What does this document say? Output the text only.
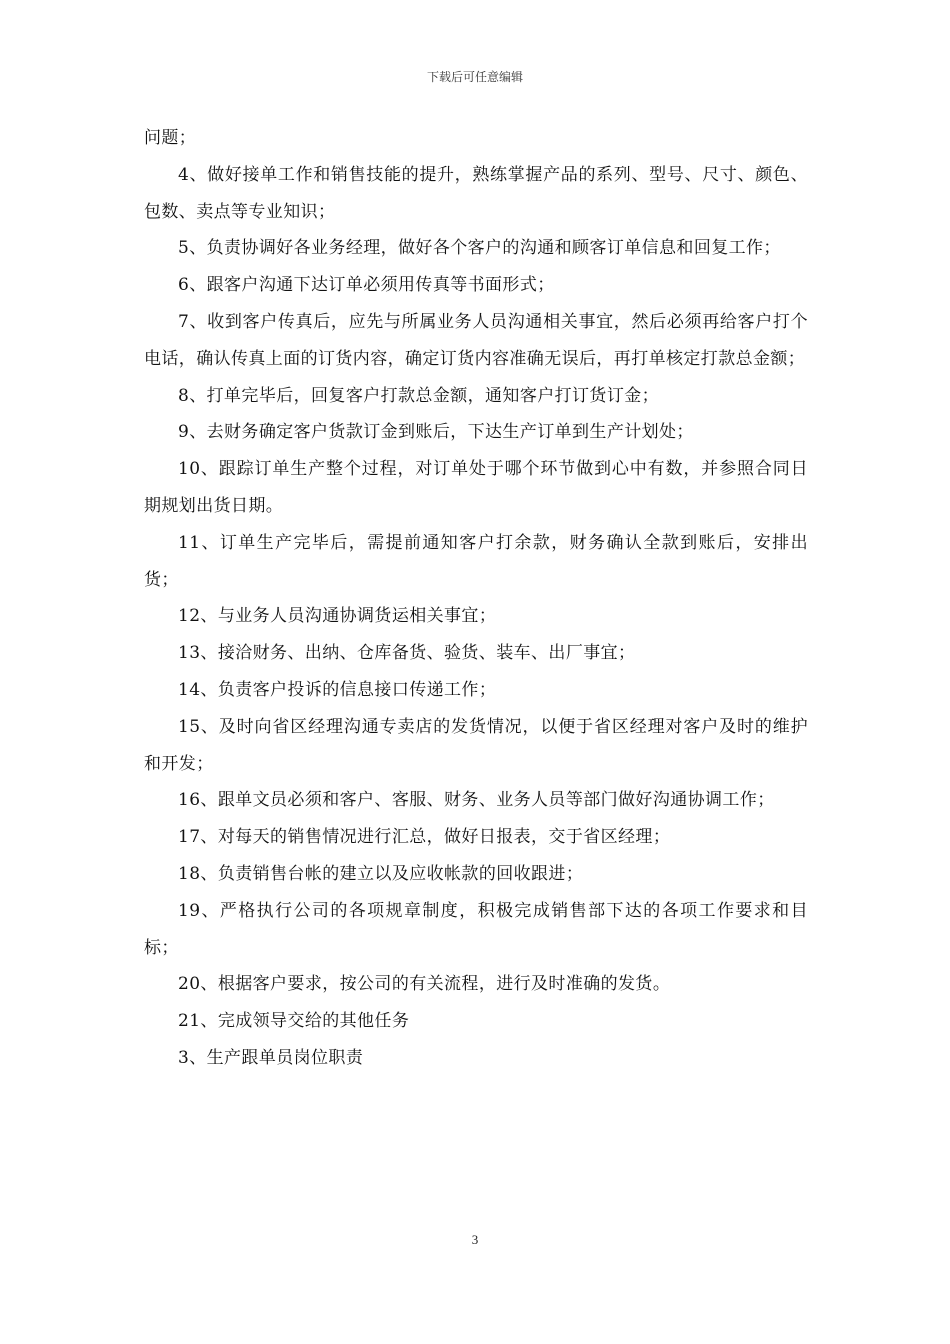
下载后可任意编辑

问题；

4、做好接单工作和销售技能的提升，熟练掌握产品的系列、型号、尺寸、颜色、包数、卖点等专业知识；

5、负责协调好各业务经理，做好各个客户的沟通和顾客订单信息和回复工作；

6、跟客户沟通下达订单必须用传真等书面形式；

7、收到客户传真后，应先与所属业务人员沟通相关事宜，然后必须再给客户打个电话，确认传真上面的订货内容，确定订货内容准确无误后，再打单核定打款总金额；

8、打单完毕后，回复客户打款总金额，通知客户打订货订金；

9、去财务确定客户货款订金到账后，下达生产订单到生产计划处；

10、跟踪订单生产整个过程，对订单处于哪个环节做到心中有数，并参照合同日期规划出货日期。

11、订单生产完毕后，需提前通知客户打余款，财务确认全款到账后，安排出货；

12、与业务人员沟通协调货运相关事宜；

13、接洽财务、出纳、仓库备货、验货、装车、出厂事宜；

14、负责客户投诉的信息接口传递工作；

15、及时向省区经理沟通专卖店的发货情况，以便于省区经理对客户及时的维护和开发；

16、跟单文员必须和客户、客服、财务、业务人员等部门做好沟通协调工作；

17、对每天的销售情况进行汇总，做好日报表，交于省区经理；

18、负责销售台帐的建立以及应收帐款的回收跟进；

19、严格执行公司的各项规章制度，积极完成销售部下达的各项工作要求和目标；

20、根据客户要求，按公司的有关流程，进行及时准确的发货。

21、完成领导交给的其他任务

3、生产跟单员岗位职责

3
